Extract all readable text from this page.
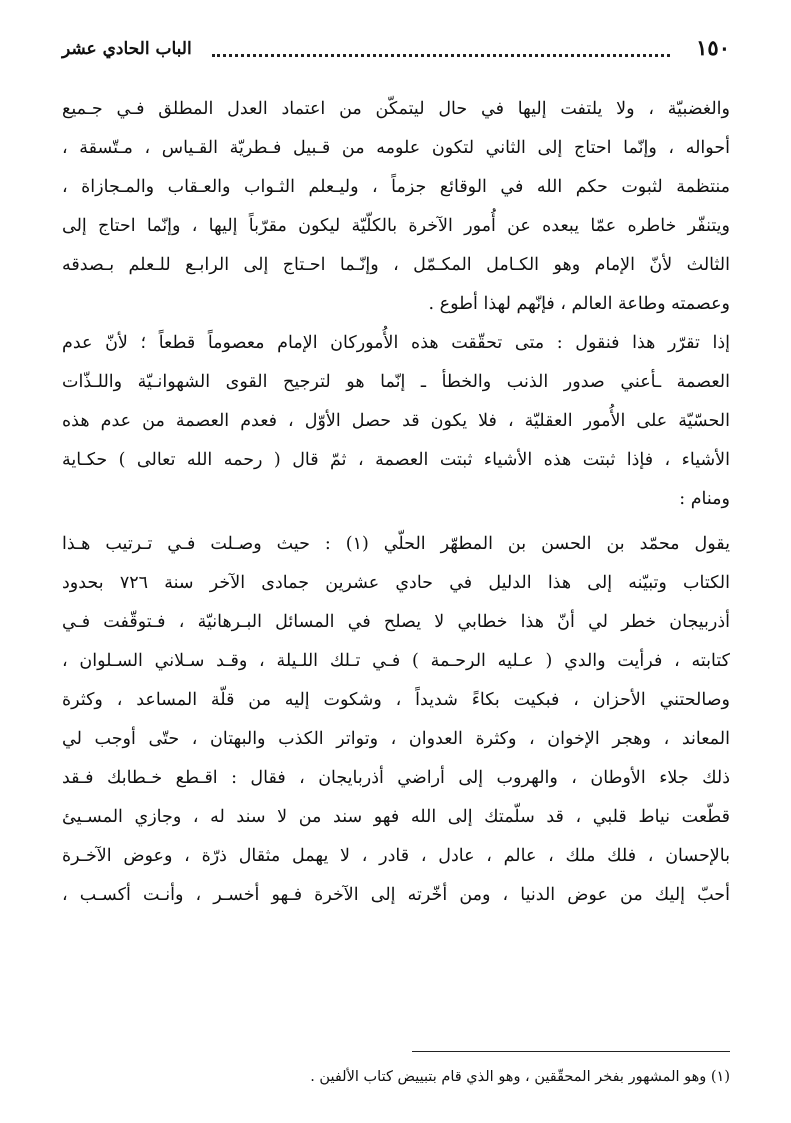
١٥٠
الباب الحادي عشر
والغضبيّة ، ولا يلتفت إليها في حال ليتمكّن من اعتماد العدل المطلق فـي جـميع
أحواله ، وإنّما احتاج إلى الثاني لتكون علومه من قـبيل فـطريّة القـياس ، مـتّسقة ،
منتظمة لثبوت حكم الله في الوقائع جزماً ، وليـعلم الثـواب والعـقاب والمـجازاة ،
ويتنفّر خاطره عمّا يبعده عن أُمور الآخرة بالكلّيّة ليكون مقرّباً إليها ، وإنّما احتاج إلى
الثالث لأنّ الإمام وهو الكـامل المكـمّل ، وإنّـما احـتاج إلى الرابـع للـعلم بـصدقه
وعصمته وطاعة العالم ، فإنّهم لهذا أطوع .
إذا تقرّر هذا فنقول : متى تحقّقت هذه الأُموركان الإمام معصوماً قطعاً ؛ لأنّ عدم
العصمة ـأعني صدور الذنب والخطأ ـ إنّما هو لترجيح القوى الشهوانـيّة واللـذّات
الحسّيّة على الأُمور العقليّة ، فلا يكون قد حصل الأوّل ، فعدم العصمة من عدم هذه
الأشياء ، فإذا ثبتت هذه الأشياء ثبتت العصمة ، ثمّ قال ( رحمه الله تعالى ) حكـاية
ومنام :
يقول محمّد بن الحسن بن المطهّر الحلّي (١) : حيث وصـلت فـي تـرتيب هـذا
الكتاب وتبيّنه إلى هذا الدليل في حادي عشرين جمادى الآخر سنة ٧٢٦ بحدود
أذربيجان خطر لي أنّ هذا خطابي لا يصلح في المسائل البـرهانيّة ، فـتوقّفت فـي
كتابته ، فرأيت والدي ( عـليه الرحـمة ) فـي تـلك اللـيلة ، وقـد سـلاني السـلوان ،
وصالحتني الأحزان ، فبكيت بكاءً شديداً ، وشكوت إليه من قلّة المساعد ، وكثرة
المعاند ، وهجر الإخوان ، وكثرة العدوان ، وتواتر الكذب والبهتان ، حتّى أوجب لي
ذلك جلاء الأوطان ، والهروب إلى أراضي أذربايجان ، فقال : اقـطع خـطابك فـقد
قطّعت نياط قلبي ، قد سلّمتك إلى الله فهو سند من لا سند له ، وجازي المسـيئ
بالإحسان ، فلك ملك ، عالم ، عادل ، قادر ، لا يهمل مثقال ذرّة ، وعوض الآخـرة
أحبّ إليك من عوض الدنيا ، ومن أخّرته إلى الآخرة فـهو أخسـر ، وأنـت أكسـب ،
(١) وهو المشهور بفخر المحقّقين ، وهو الذي قام بتبييض كتاب الألفين .
